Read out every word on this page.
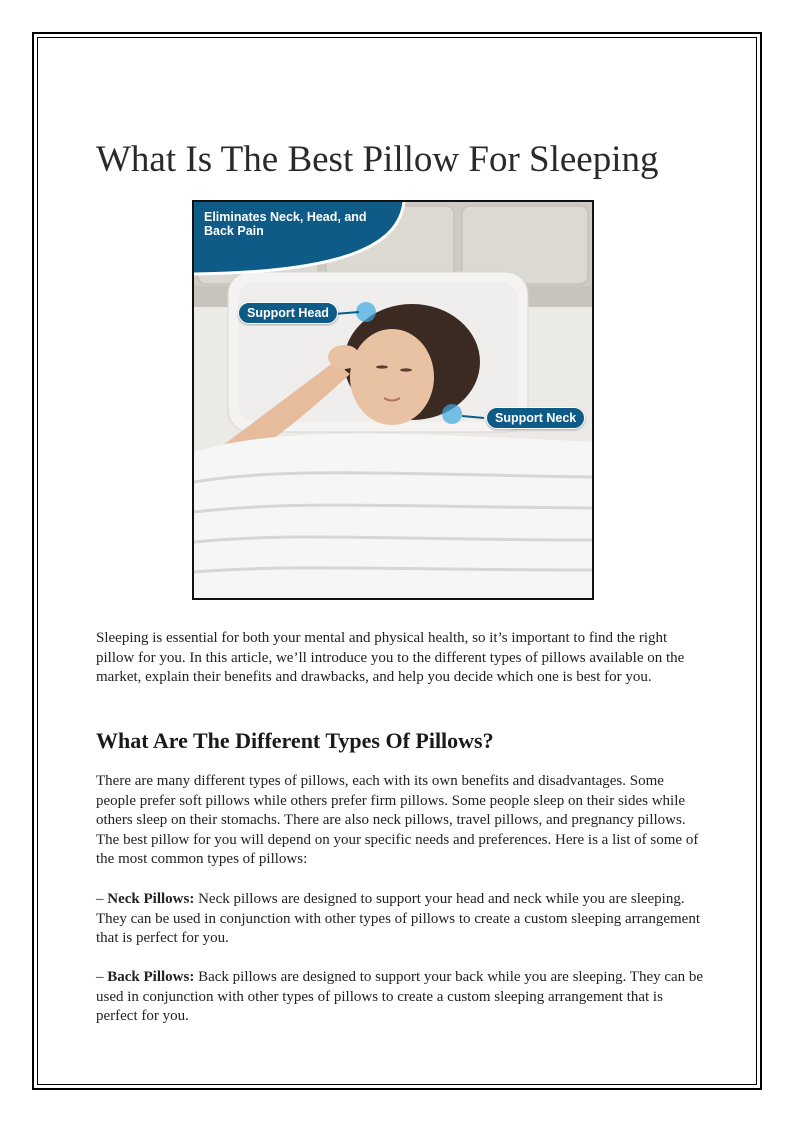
What Is The Best Pillow For Sleeping
Eliminates Neck, Head, and Back Pain
Support Head
Support Neck

Sleeping is essential for both your mental and physical health, so it’s important to find the right pillow for you. In this article, we’ll introduce you to the different types of pillows available on the market, explain their benefits and drawbacks, and help you decide which one is best for you.

What Are The Different Types Of Pillows?

There are many different types of pillows, each with its own benefits and disadvantages. Some people prefer soft pillows while others prefer firm pillows. Some people sleep on their sides while others sleep on their stomachs. There are also neck pillows, travel pillows, and pregnancy pillows. The best pillow for you will depend on your specific needs and preferences. Here is a list of some of the most common types of pillows:

– Neck Pillows: Neck pillows are designed to support your head and neck while you are sleeping. They can be used in conjunction with other types of pillows to create a custom sleeping arrangement that is perfect for you.

– Back Pillows: Back pillows are designed to support your back while you are sleeping. They can be used in conjunction with other types of pillows to create a custom sleeping arrangement that is perfect for you.
